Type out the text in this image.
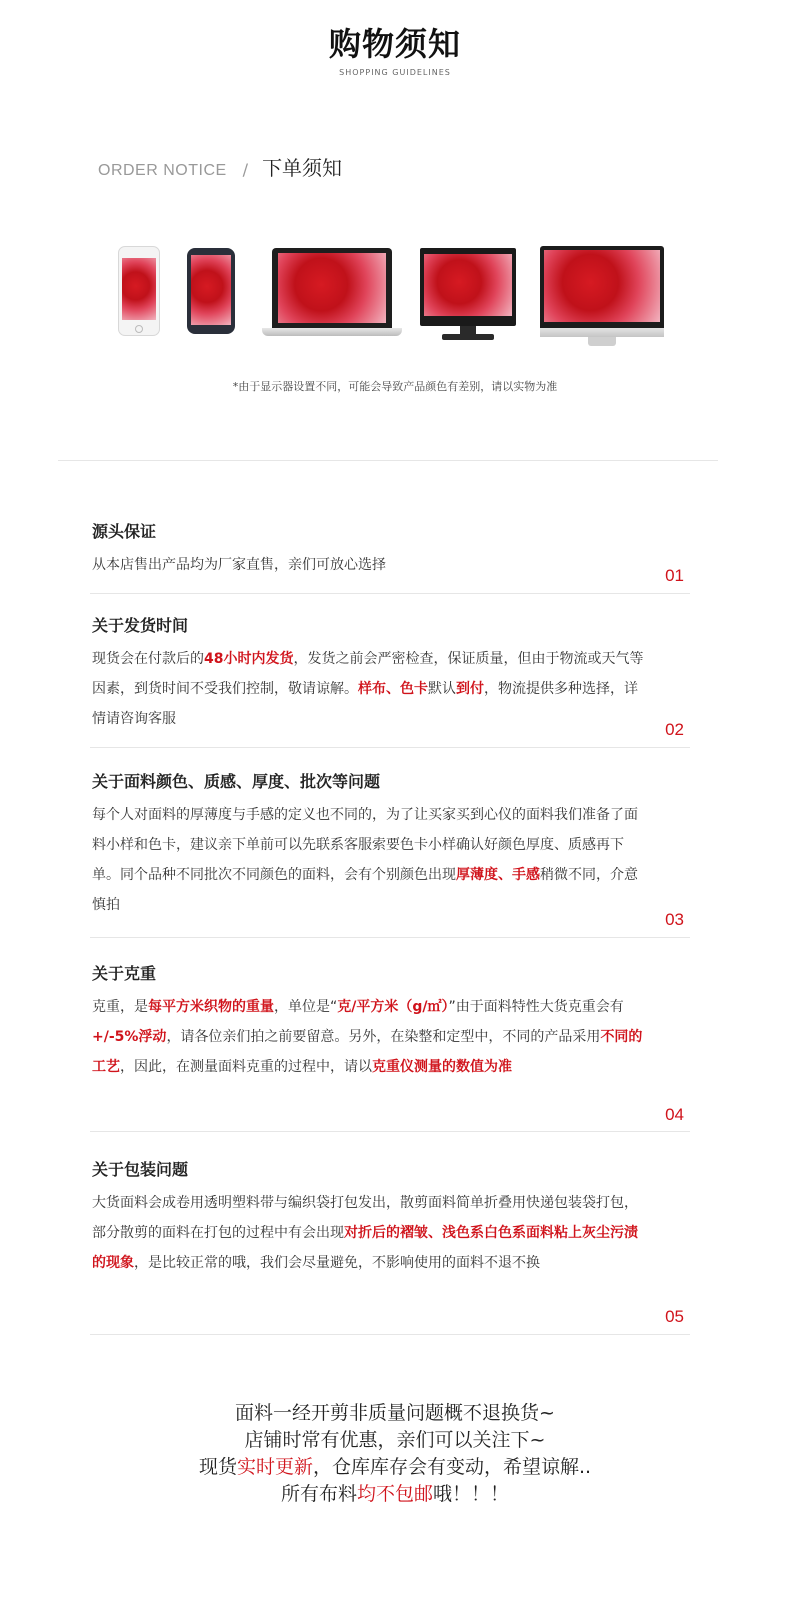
购物须知
SHOPPING GUIDELINES
ORDER NOTICE / 下单须知
*由于显示器设置不同，可能会导致产品颜色有差别，请以实物为准
源头保证
从本店售出产品均为厂家直售，亲们可放心选择
01
关于发货时间
现货会在付款后的48小时内发货，发货之前会严密检查，保证质量，但由于物流或天气等因素，到货时间不受我们控制，敬请谅解。样布、色卡默认到付，物流提供多种选择，详情请咨询客服
02
关于面料颜色、质感、厚度、批次等问题
每个人对面料的厚薄度与手感的定义也不同的，为了让买家买到心仪的面料我们准备了面料小样和色卡，建议亲下单前可以先联系客服索要色卡小样确认好颜色厚度、质感再下单。同个品种不同批次不同颜色的面料，会有个别颜色出现厚薄度、手感稍微不同，介意慎拍
03
关于克重
克重，是每平方米织物的重量，单位是“克/平方米（g/㎡）”由于面料特性大货克重会有+/-5%浮动，请各位亲们拍之前要留意。另外，在染整和定型中，不同的产品采用不同的工艺，因此，在测量面料克重的过程中，请以克重仪测量的数值为准
04
关于包装问题
大货面料会成卷用透明塑料带与编织袋打包发出，散剪面料简单折叠用快递包装袋打包，部分散剪的面料在打包的过程中有会出现对折后的褶皱、浅色系白色系面料粘上灰尘污渍的现象，是比较正常的哦，我们会尽量避免，不影响使用的面料不退不换
05
面料一经开剪非质量问题概不退换货~
店铺时常有优惠，亲们可以关注下~
现货实时更新，仓库库存会有变动，希望谅解..
所有布料均不包邮哦！！！
